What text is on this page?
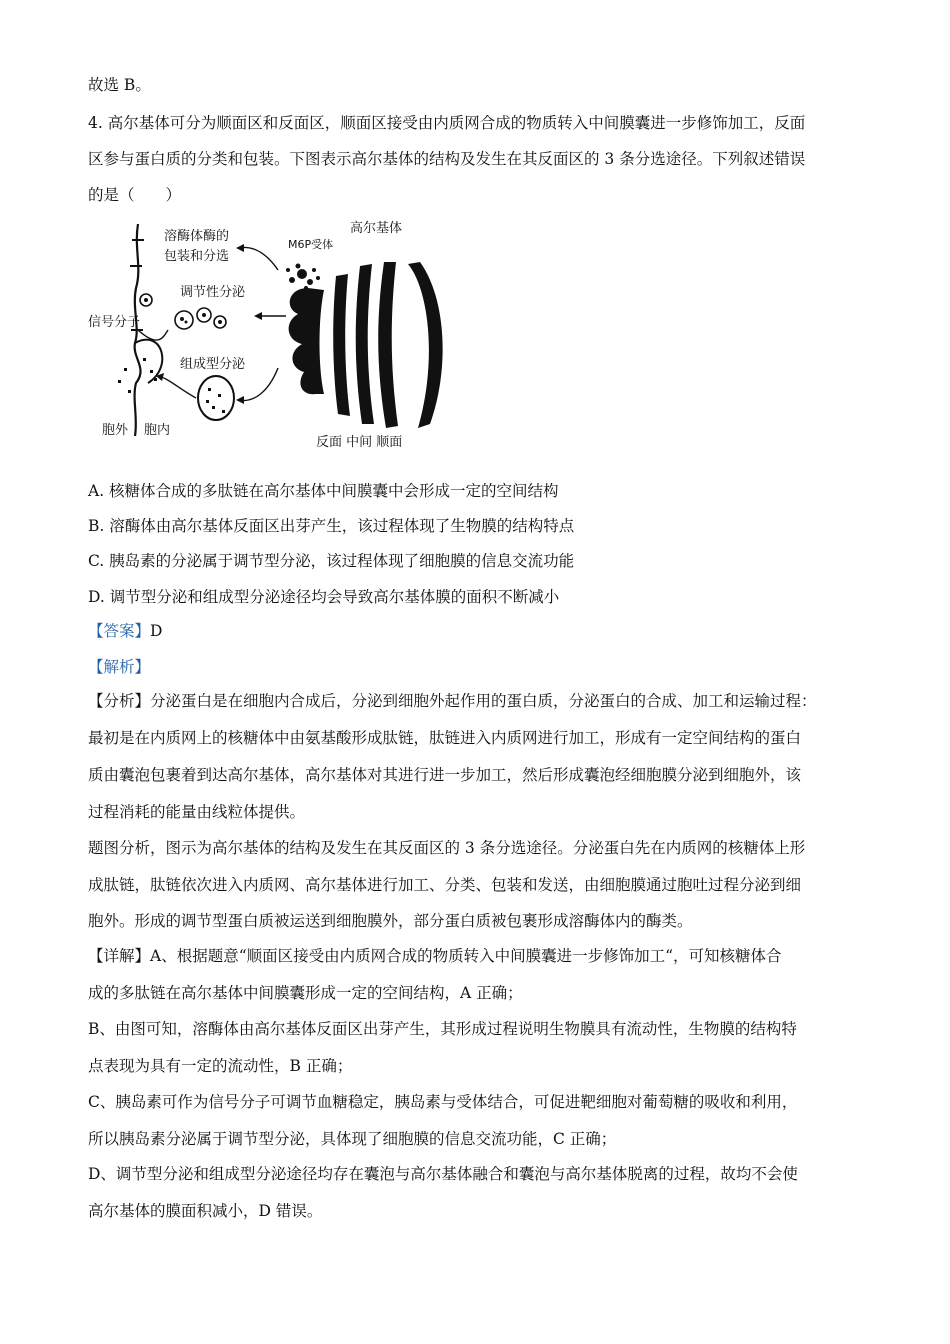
故选 B。
4. 高尔基体可分为顺面区和反面区，顺面区接受由内质网合成的物质转入中间膜囊进一步修饰加工，反面
区参与蛋白质的分类和包装。下图表示高尔基体的结构及发生在其反面区的 3 条分选途径。下列叙述错误
的是（　　）
高尔基体
M6P受体
溶酶体酶的
包装和分选
调节性分泌
信号分子
组成型分泌
胞外 胞内
反面 中间 顺面
A. 核糖体合成的多肽链在高尔基体中间膜囊中会形成一定的空间结构
B. 溶酶体由高尔基体反面区出芽产生，该过程体现了生物膜的结构特点
C. 胰岛素的分泌属于调节型分泌，该过程体现了细胞膜的信息交流功能
D. 调节型分泌和组成型分泌途径均会导致高尔基体膜的面积不断减小
【答案】D
【解析】
【分析】分泌蛋白是在细胞内合成后，分泌到细胞外起作用的蛋白质，分泌蛋白的合成、加工和运输过程：
最初是在内质网上的核糖体中由氨基酸形成肽链，肽链进入内质网进行加工，形成有一定空间结构的蛋白
质由囊泡包裹着到达高尔基体，高尔基体对其进行进一步加工，然后形成囊泡经细胞膜分泌到细胞外，该
过程消耗的能量由线粒体提供。
题图分析，图示为高尔基体的结构及发生在其反面区的 3 条分选途径。分泌蛋白先在内质网的核糖体上形
成肽链，肽链依次进入内质网、高尔基体进行加工、分类、包装和发送，由细胞膜通过胞吐过程分泌到细
胞外。形成的调节型蛋白质被运送到细胞膜外，部分蛋白质被包裹形成溶酶体内的酶类。
【详解】A、根据题意“顺面区接受由内质网合成的物质转入中间膜囊进一步修饰加工“，可知核糖体合
成的多肽链在高尔基体中间膜囊形成一定的空间结构，A 正确；
B、由图可知，溶酶体由高尔基体反面区出芽产生，其形成过程说明生物膜具有流动性，生物膜的结构特
点表现为具有一定的流动性，B 正确；
C、胰岛素可作为信号分子可调节血糖稳定，胰岛素与受体结合，可促进靶细胞对葡萄糖的吸收和利用，
所以胰岛素分泌属于调节型分泌，具体现了细胞膜的信息交流功能，C 正确；
D、调节型分泌和组成型分泌途径均存在囊泡与高尔基体融合和囊泡与高尔基体脱离的过程，故均不会使
高尔基体的膜面积减小，D 错误。
